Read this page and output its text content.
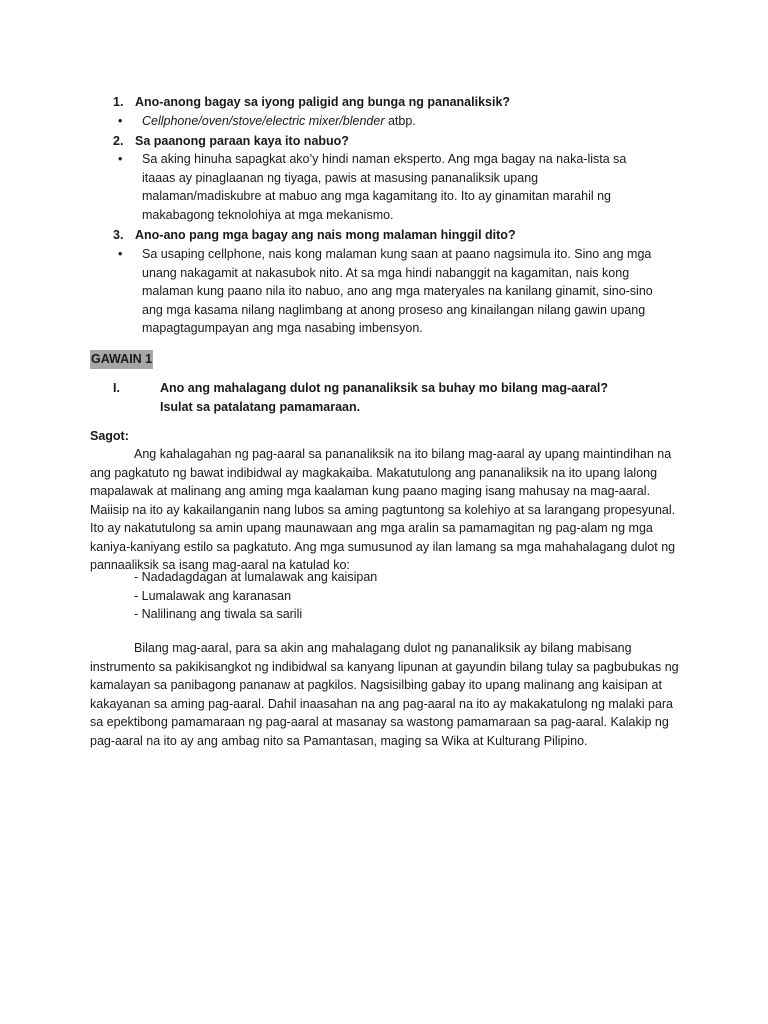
1. Ano-anong bagay sa iyong paligid ang bunga ng pananaliksik?
• Cellphone/oven/stove/electric mixer/blender atbp.
2. Sa paanong paraan kaya ito nabuo?
• Sa aking hinuha sapagkat ako’y hindi naman eksperto. Ang mga bagay na naka-lista sa itaaas ay pinaglaanan ng tiyaga, pawis at masusing pananaliksik upang malaman/madiskubre at mabuo ang mga kagamitang ito. Ito ay ginamitan marahil ng makabagong teknolohiya at mga mekanismo.
3. Ano-ano pang mga bagay ang nais mong malaman hinggil dito?
• Sa usaping cellphone, nais kong malaman kung saan at paano nagsimula ito. Sino ang mga unang nakagamit at nakasubok nito. At sa mga hindi nabanggit na kagamitan, nais kong malaman kung paano nila ito nabuo, ano ang mga materyales na kanilang ginamit, sino-sino ang mga kasama nilang naglimbang at anong proseso ang kinailangan nilang gawin upang mapagtagumpayan ang mga nasabing imbensyon.
GAWAIN 1
I.	Ano ang mahalagang dulot ng pananaliksik sa buhay mo bilang mag-aaral? Isulat sa patalatang pamamaraan.
Sagot:
Ang kahalagahan ng pag-aaral sa pananaliksik na ito bilang mag-aaral ay upang maintindihan na ang pagkatuto ng bawat indibidwal ay magkakaiba. Makatutulong ang pananaliksik na ito upang lalong mapalawak at malinang ang aming mga kaalaman kung paano maging isang mahusay na mag-aaral. Maiisip na ito ay kakailanganin nang lubos sa aming pagtuntong sa kolehiyo at sa larangang propesyunal. Ito ay nakatutulong sa amin upang maunawaan ang mga aralin sa pamamagitan ng pag-alam ng mga kaniya-kaniyang estilo sa pagkatuto. Ang mga sumusunod ay ilan lamang sa mga mahahalagang dulot ng pannaaliksik sa isang mag-aaral na katulad ko:
- Nadadagdagan at lumalawak ang kaisipan
- Lumalawak ang karanasan
- Nalilinang ang tiwala sa sarili
Bilang mag-aaral, para sa akin ang mahalagang dulot ng pananaliksik ay bilang mabisang instrumento sa pakikisangkot ng indibidwal sa kanyang lipunan at gayundin bilang tulay sa pagbubukas ng kamalayan sa panibagong pananaw at pagkilos. Nagsisilbing gabay ito upang malinang ang kaisipan at kakayanan sa aming pag-aaral. Dahil inaasahan na ang pag-aaral na ito ay makakatulong ng malaki para sa epektibong pamamaraan ng pag-aaral at masanay sa wastong pamamaraan sa pag-aaral. Kalakip ng pag-aaral na ito ay ang ambag nito sa Pamantasan, maging sa Wika at Kulturang Pilipino.
